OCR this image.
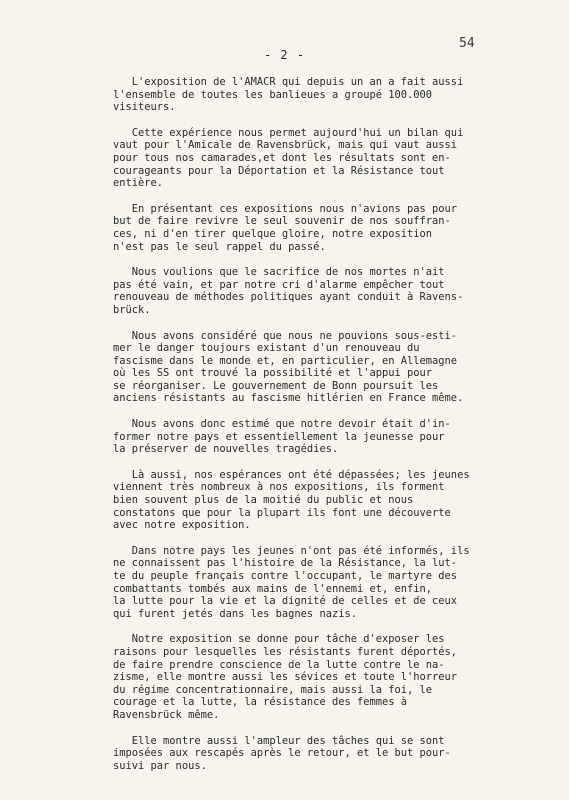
54
- 2 -
L'exposition de l'AMACR qui depuis un an a fait aussi
l'ensemble de toutes les banlieues a groupé 100.000
visiteurs.
Cette expérience nous permet aujourd'hui un bilan qui
vaut pour l'Amicale de Ravensbrück, mais qui vaut aussi
pour tous nos camarades,et dont les résultats sont en-
courageants pour la Déportation et la Résistance tout
entière.
En présentant ces expositions nous n'avions pas pour
but de faire revivre le seul souvenir de nos souffran-
ces, ni d'en tirer quelque gloire, notre exposition
n'est pas le seul rappel du passé.
Nous voulions que le sacrifice de nos mortes n'ait
pas été vain, et par notre cri d'alarme empêcher tout
renouveau de méthodes politiques ayant conduit à Ravens-
brück.
Nous avons considéré que nous ne pouvions sous-esti-
mer le danger toujours existant d'un renouveau du
fascisme dans le monde et, en particulier, en Allemagne
où les SS ont trouvé la possibilité et l'appui pour
se réorganiser. Le gouvernement de Bonn poursuit les
anciens résistants au fascisme hitlérien en France même.
Nous avons donc estimé que notre devoir était d'in-
former notre pays et essentiellement la jeunesse pour
la préserver de nouvelles tragédies.
Là aussi, nos espérances ont été dépassées; les jeunes
viennent très nombreux à nos expositions, ils forment
bien souvent plus de la moitié du public et nous
constatons que pour la plupart ils font une découverte
avec notre exposition.
Dans notre pays les jeunes n'ont pas été informés, ils
ne connaissent pas l'histoire de la Résistance, la lut-
te du peuple français contre l'occupant, le martyre des
combattants tombés aux mains de l'ennemi et, enfin,
la lutte pour la vie et la dignité de celles et de ceux
qui furent jetés dans les bagnes nazis.
Notre exposition se donne pour tâche d'exposer les
raisons pour lesquelles les résistants furent déportés,
de faire prendre conscience de la lutte contre le na-
zisme, elle montre aussi les sévices et toute l'horreur
du régime concentrationnaire, mais aussi la foi, le
courage et la lutte, la résistance des femmes à
Ravensbrück même.
Elle montre aussi l'ampleur des tâches qui se sont
imposées aux rescapés après le retour, et le but pour-
suivi par nous.
